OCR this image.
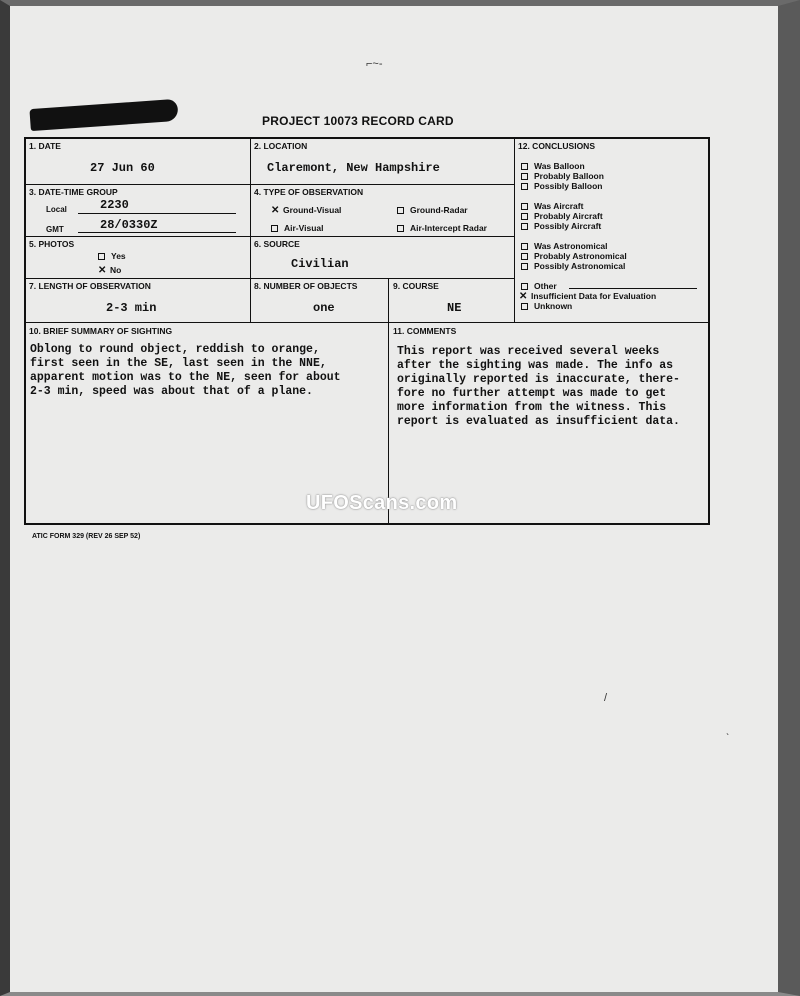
⌐~-
PROJECT 10073 RECORD CARD
1. DATE
27 Jun 60
2. LOCATION
Claremont, New Hampshire
3. DATE-TIME GROUP
Local	2230
GMT	28/0330Z
4. TYPE OF OBSERVATION
✕ Ground-Visual	Ground-Radar
Air-Visual	Air-Intercept Radar
5. PHOTOS
Yes
✕ No
6. SOURCE
Civilian
7. LENGTH OF OBSERVATION
2-3 min
8. NUMBER OF OBJECTS
one
9. COURSE
NE
12. CONCLUSIONS
Was Balloon
Probably Balloon
Possibly Balloon
Was Aircraft
Probably Aircraft
Possibly Aircraft
Was Astronomical
Probably Astronomical
Possibly Astronomical
Other
✕ Insufficient Data for Evaluation
Unknown
10. BRIEF SUMMARY OF SIGHTING
Oblong to round object, reddish to orange,
first seen in the SE, last seen in the NNE,
apparent motion was to the NE, seen for about
2-3 min, speed was about that of a plane.
11. COMMENTS
This report was received several weeks
after the sighting was made. The info as
originally reported is inaccurate, there-
fore no further attempt was made to get
more information from the witness. This
report is evaluated as insufficient data.
UFOScans.com
ATIC FORM 329 (REV 26 SEP 52)
/
ˎ
